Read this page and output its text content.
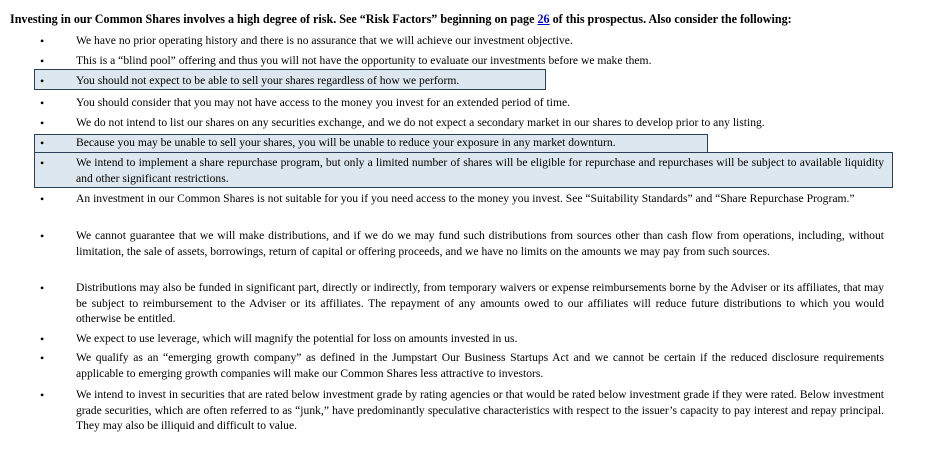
Investing in our Common Shares involves a high degree of risk. See “Risk Factors” beginning on page 26 of this prospectus. Also consider the following:
•	We have no prior operating history and there is no assurance that we will achieve our investment objective.
•	This is a “blind pool” offering and thus you will not have the opportunity to evaluate our investments before we make them.
•	You should not expect to be able to sell your shares regardless of how we perform.
•	You should consider that you may not have access to the money you invest for an extended period of time.
•	We do not intend to list our shares on any securities exchange, and we do not expect a secondary market in our shares to develop prior to any listing.
•	Because you may be unable to sell your shares, you will be unable to reduce your exposure in any market downturn.
•	We intend to implement a share repurchase program, but only a limited number of shares will be eligible for repurchase and repurchases will be subject to available liquidity and other significant restrictions.
•	An investment in our Common Shares is not suitable for you if you need access to the money you invest. See “Suitability Standards” and “Share Repurchase Program.”
•	We cannot guarantee that we will make distributions, and if we do we may fund such distributions from sources other than cash flow from operations, including, without limitation, the sale of assets, borrowings, return of capital or offering proceeds, and we have no limits on the amounts we may pay from such sources.
•	Distributions may also be funded in significant part, directly or indirectly, from temporary waivers or expense reimbursements borne by the Adviser or its affiliates, that may be subject to reimbursement to the Adviser or its affiliates. The repayment of any amounts owed to our affiliates will reduce future distributions to which you would otherwise be entitled.
•	We expect to use leverage, which will magnify the potential for loss on amounts invested in us.
•	We qualify as an “emerging growth company” as defined in the Jumpstart Our Business Startups Act and we cannot be certain if the reduced disclosure requirements applicable to emerging growth companies will make our Common Shares less attractive to investors.
•	We intend to invest in securities that are rated below investment grade by rating agencies or that would be rated below investment grade if they were rated. Below investment grade securities, which are often referred to as “junk,” have predominantly speculative characteristics with respect to the issuer’s capacity to pay interest and repay principal. They may also be illiquid and difficult to value.
